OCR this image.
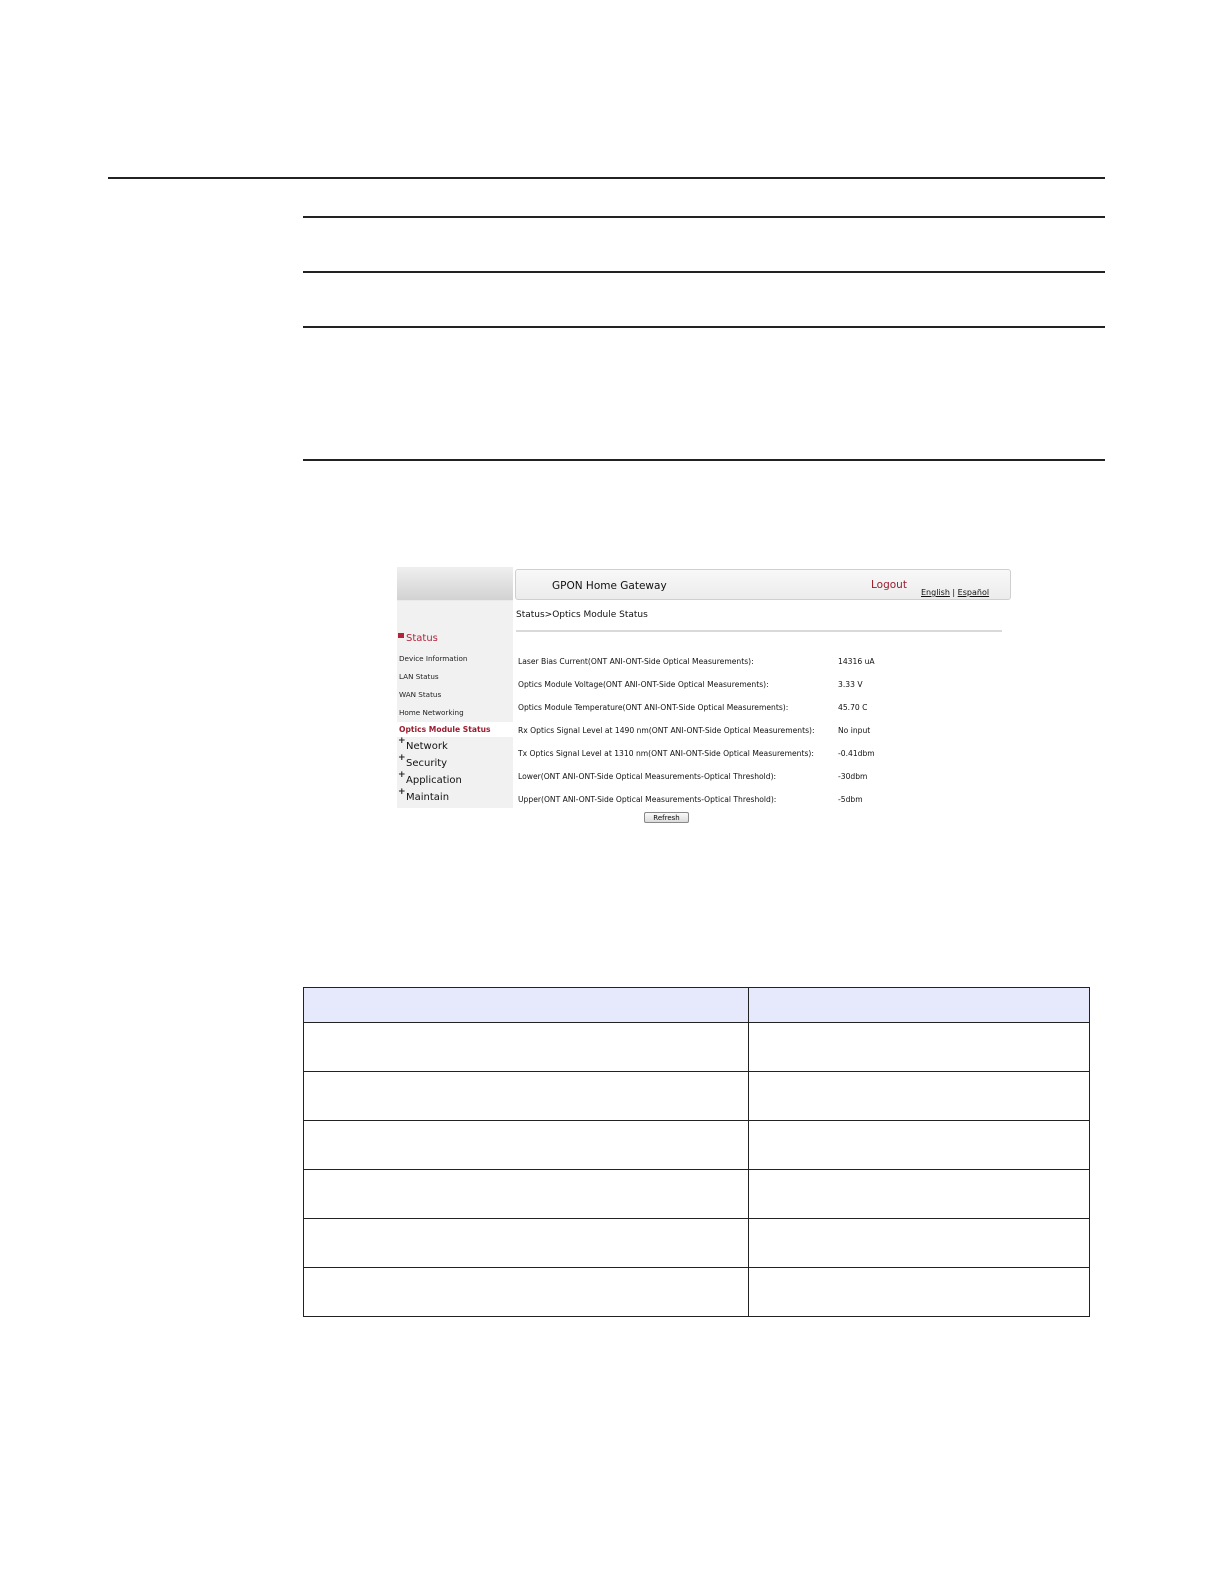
Status
Device Information
LAN Status
WAN Status
Home Networking
Optics Module Status
+
Network
+
Security
+
Application
+
Maintain
GPON Home Gateway	Logout
English | Español
Status>Optics Module Status
Laser Bias Current(ONT ANI-ONT-Side Optical Measurements):	14316 uA
Optics Module Voltage(ONT ANI-ONT-Side Optical Measurements):	3.33 V
Optics Module Temperature(ONT ANI-ONT-Side Optical Measurements):	45.70 C
Rx Optics Signal Level at 1490 nm(ONT ANI-ONT-Side Optical Measurements):	No input
Tx Optics Signal Level at 1310 nm(ONT ANI-ONT-Side Optical Measurements):	-0.41dbm
Lower(ONT ANI-ONT-Side Optical Measurements-Optical Threshold):	-30dbm
Upper(ONT ANI-ONT-Side Optical Measurements-Optical Threshold):	-5dbm
Refresh
